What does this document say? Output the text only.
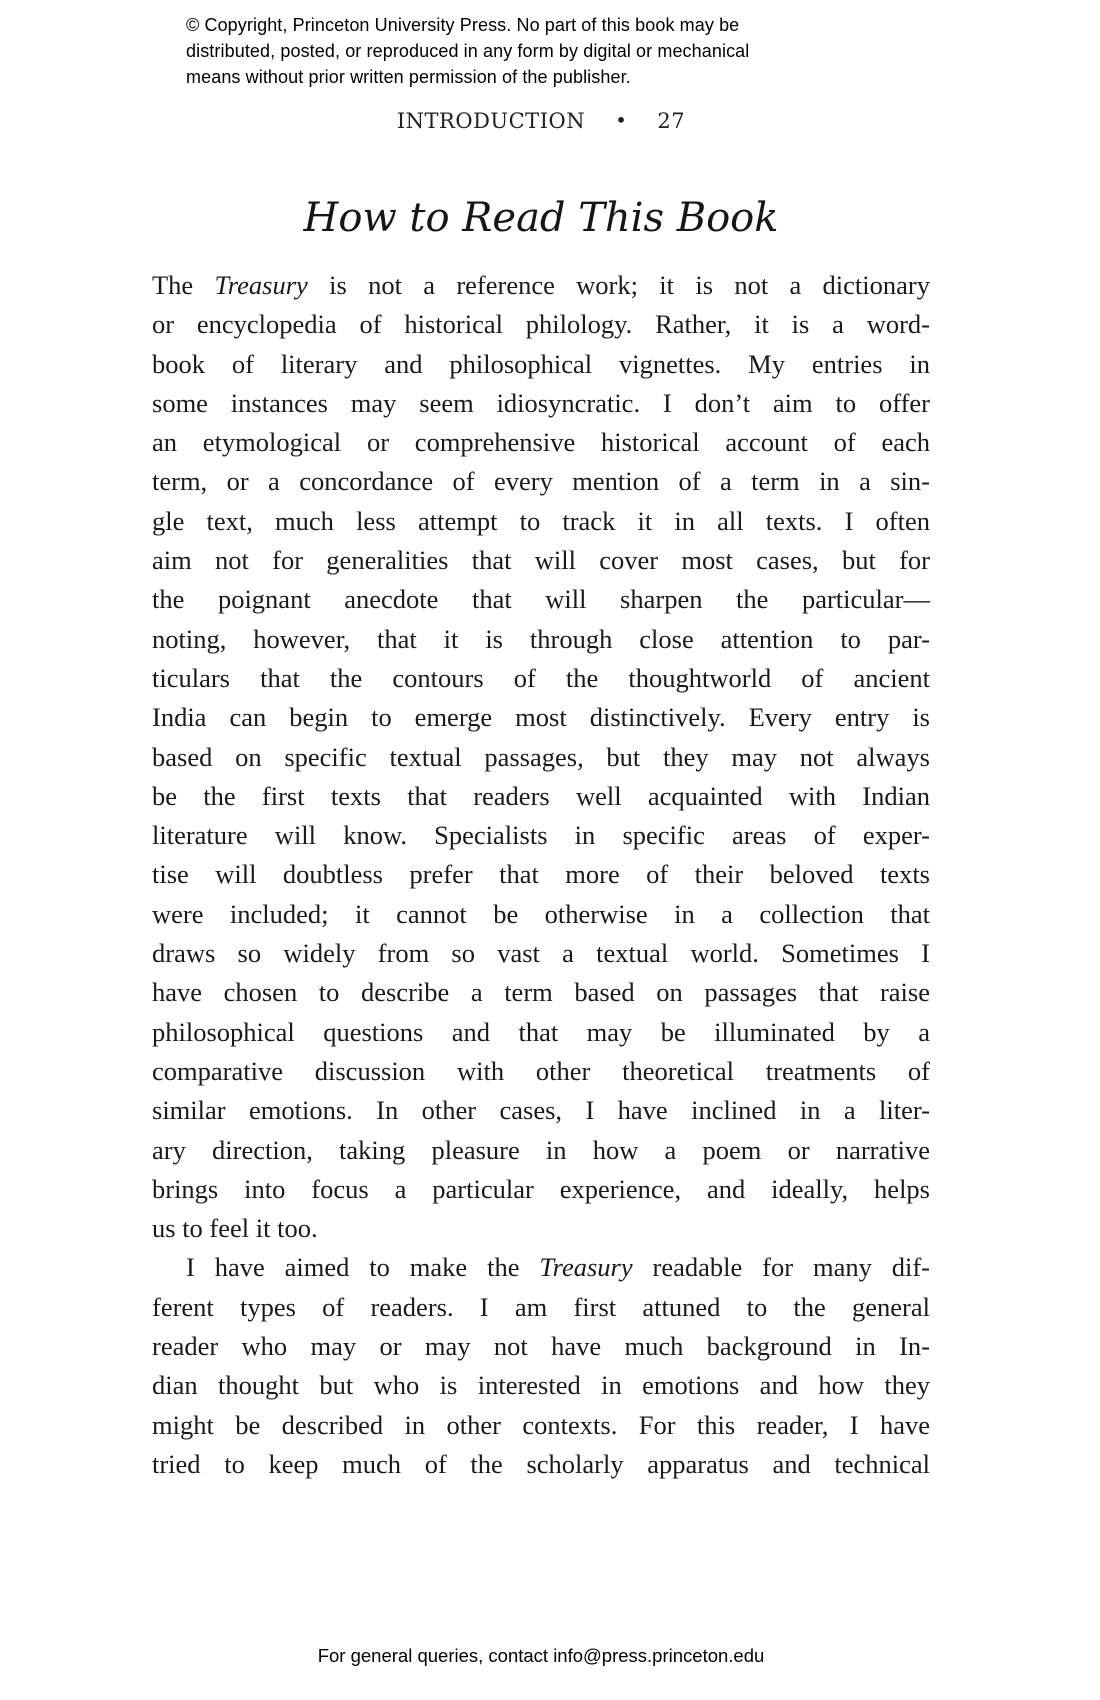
© Copyright, Princeton University Press. No part of this book may be
distributed, posted, or reproduced in any form by digital or mechanical
means without prior written permission of the publisher.
INTRODUCTION • 27
How to Read This Book
The Treasury is not a reference work; it is not a dictionary
or encyclopedia of historical philology. Rather, it is a word-
book of literary and philosophical vignettes. My entries in
some instances may seem idiosyncratic. I don’t aim to offer
an etymological or comprehensive historical account of each
term, or a concordance of every mention of a term in a sin-
gle text, much less attempt to track it in all texts. I often
aim not for generalities that will cover most cases, but for
the poignant anecdote that will sharpen the particular—
noting, however, that it is through close attention to par-
ticulars that the contours of the thoughtworld of ancient
India can begin to emerge most distinctively. Every entry is
based on specific textual passages, but they may not always
be the first texts that readers well acquainted with Indian
literature will know. Specialists in specific areas of exper-
tise will doubtless prefer that more of their beloved texts
were included; it cannot be otherwise in a collection that
draws so widely from so vast a textual world. Sometimes I
have chosen to describe a term based on passages that raise
philosophical questions and that may be illuminated by a
comparative discussion with other theoretical treatments of
similar emotions. In other cases, I have inclined in a liter-
ary direction, taking pleasure in how a poem or narrative
brings into focus a particular experience, and ideally, helps
us to feel it too.
I have aimed to make the Treasury readable for many dif-
ferent types of readers. I am first attuned to the general
reader who may or may not have much background in In-
dian thought but who is interested in emotions and how they
might be described in other contexts. For this reader, I have
tried to keep much of the scholarly apparatus and technical
For general queries, contact info@press.princeton.edu
